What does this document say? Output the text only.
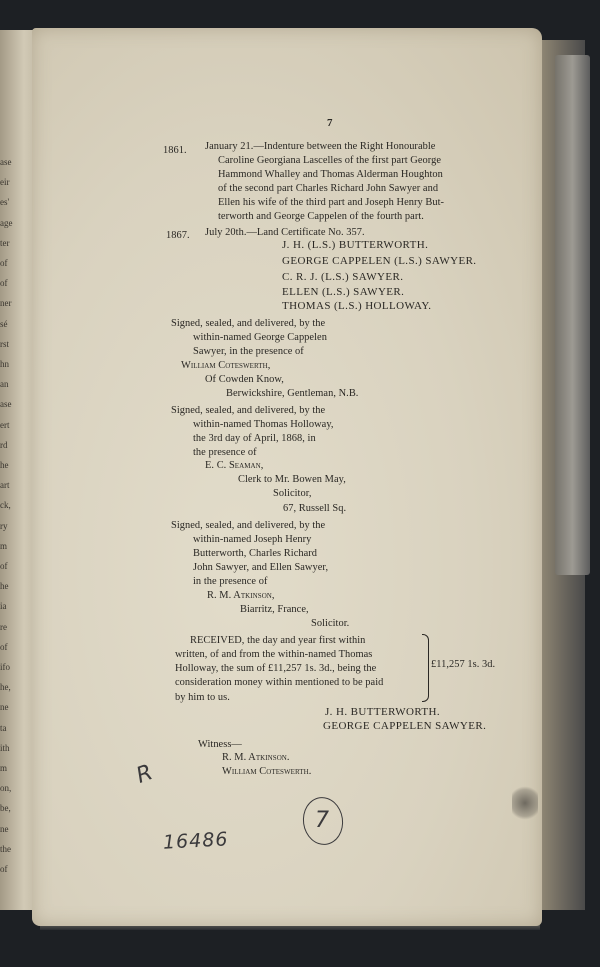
ase
eir
es'
age
ter
of
of
ner
sé
rst
hn
an
ase
ert
rd
he
art
ck,
ry
m
of
he
ia
re
of
ifo
he,
ne
ta
ith
m
on,
be,
ne
the
of
7
1861. January 21.—Indenture between the Right Honourable
Caroline Georgiana Lascelles of the first part George
Hammond Whalley and Thomas Alderman Houghton
of the second part Charles Richard John Sawyer and
Ellen his wife of the third part and Joseph Henry But-
terworth and George Cappelen of the fourth part.
1867. July 20th.—Land Certificate No. 357.
J. H. (L.S.) BUTTERWORTH.
GEORGE CAPPELEN (L.S.) SAWYER.
C. R. J. (L.S.) SAWYER.
ELLEN (L.S.) SAWYER.
THOMAS (L.S.) HOLLOWAY.
Signed, sealed, and delivered, by the
within-named George Cappelen
Sawyer, in the presence of
William Coteswerth,
Of Cowden Know,
Berwickshire, Gentleman, N.B.
Signed, sealed, and delivered, by the
within-named Thomas Holloway,
the 3rd day of April, 1868, in
the presence of
E. C. Seaman,
Clerk to Mr. Bowen May,
Solicitor,
67, Russell Sq.
Signed, sealed, and delivered, by the
within-named Joseph Henry
Butterworth, Charles Richard
John Sawyer, and Ellen Sawyer,
in the presence of
R. M. Atkinson,
Biarritz, France,
Solicitor.
RECEIVED, the day and year first within
written, of and from the within-named Thomas
Holloway, the sum of £11,257 1s. 3d., being the
consideration money within mentioned to be paid
by him to us.
£11,257 1s. 3d.
J. H. BUTTERWORTH.
GEORGE CAPPELEN SAWYER.
Witness—
R. M. Atkinson.
William Coteswerth.
R
16486
7
